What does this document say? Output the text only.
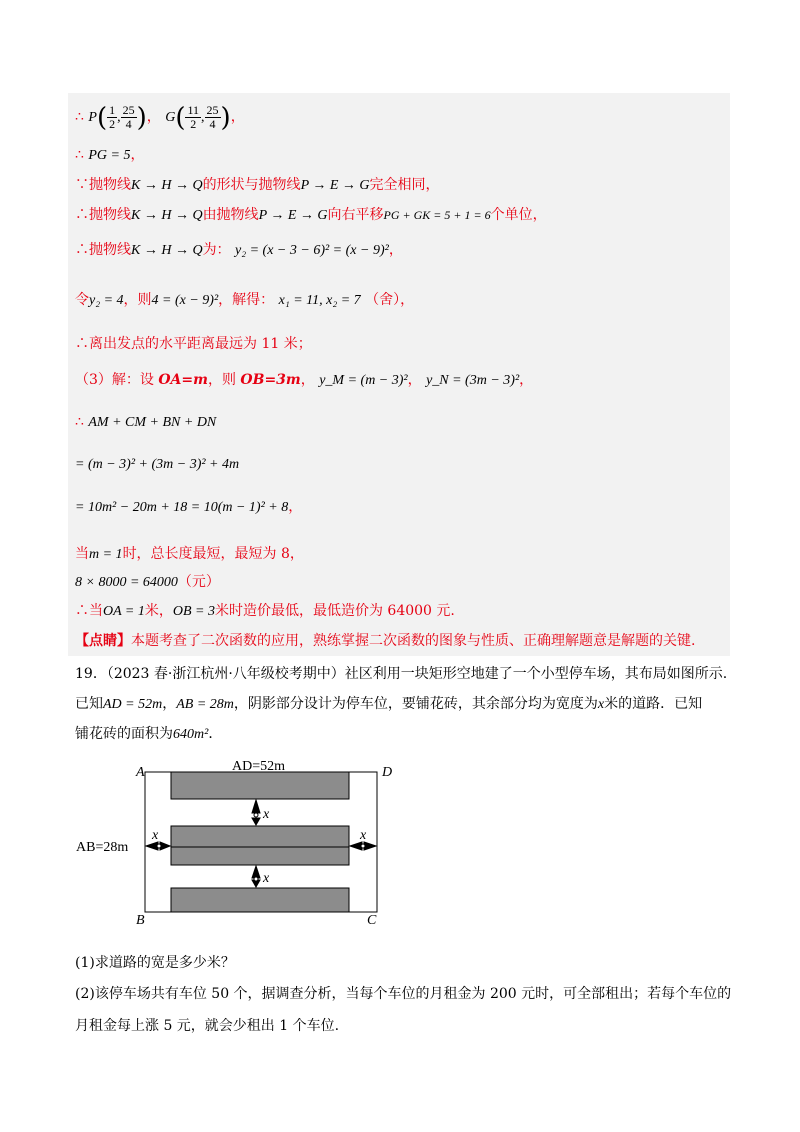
∴ $P( \frac{1}{2}$ , $\frac{25}{4}$ )， $G( \frac{11}{2}$ , $\frac{25}{4}$ )，
∴ PG = 5，
∵抛物线K → H → Q的形状与抛物线P → E → G完全相同，
∴抛物线K → H → Q由抛物线P → E → G向右平移PG + GK = 5 + 1 = 6个单位，
∴抛物线K → H → Q为： y₂ = (x − 3 − 6)² = (x − 9)²，
令y₂ = 4，则4 = (x − 9)²，解得： x₁ = 11, x₂ = 7 （舍），
∴离出发点的水平距离最远为 11 米；
（3）解：设 OA=m，则 OB=3m， y_M = (m − 3)²， y_N = (3m − 3)²，
∴ AM + CM + BN + DN
= (m − 3)² + (3m − 3)² + 4m
= 10m² − 20m + 18 = 10(m − 1)² + 8，
当m = 1时，总长度最短，最短为 8，
8 × 8000 = 64000（元）
∴当OA = 1米，OB = 3米时造价最低，最低造价为 64000 元.
【点睛】本题考查了二次函数的应用，熟练掌握二次函数的图象与性质、正确理解题意是解题的关键.
19．（2023 春·浙江杭州·八年级校考期中）社区利用一块矩形空地建了一个小型停车场，其布局如图所示.
已知AD = 52m，AB = 28m，阴影部分设计为停车位，要铺花砖，其余部分均为宽度为x米的道路．已知
铺花砖的面积为640m²．
A	D
B	C
AD=52m
AB=28m
x
x
x	x
(1)求道路的宽是多少米？
(2)该停车场共有车位 50 个，据调查分析，当每个车位的月租金为 200 元时，可全部租出；若每个车位的
月租金每上涨 5 元，就会少租出 1 个车位.
